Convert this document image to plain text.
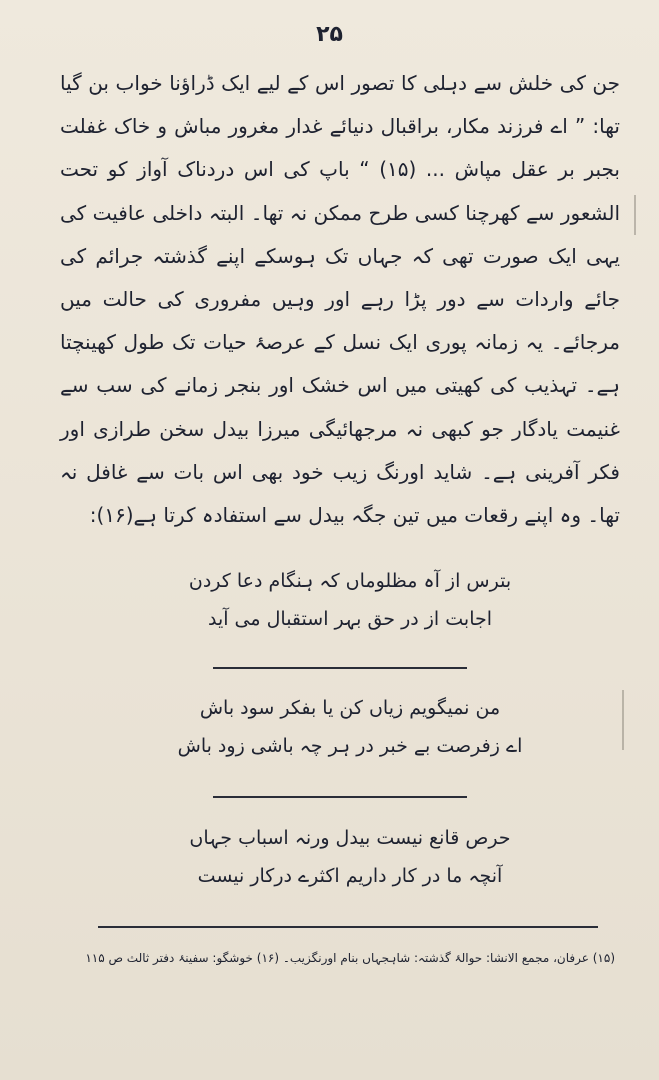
۲۵

جن کی خلش سے دہلی کا تصور اس کے لیے ایک ڈراؤنا خواب بن گیا تھا: ” اے فرزند مکار، براقبال دنیائے غدار مغرور مباش و خاک غفلت بجبر بر عقل مپاش ... (۱۵) “ باپ کی اس دردناک آواز کو تحت الشعور سے کھرچنا کسی طرح ممکن نہ تھا۔ البتہ داخلی عافیت کی یہی ایک صورت تھی کہ جہاں تک ہوسکے اپنے گذشتہ جرائم کی جائے واردات سے دور پڑا رہے اور وہیں مفروری کی حالت میں مرجائے۔ یہ زمانہ پوری ایک نسل کے عرصۂ حیات تک طول کھینچتا ہے۔ تہذیب کی کھیتی میں اس خشک اور بنجر زمانے کی سب سے غنیمت یادگار جو کبھی نہ مرجھائیگی میرزا بیدل سخن طرازی اور فکر آفرینی ہے۔ شاید اورنگ زیب خود بھی اس بات سے غافل نہ تھا۔ وہ اپنے رقعات میں تین جگہ بیدل سے استفادہ کرتا ہے(۱۶):

بترس از آہ مظلوماں کہ ہنگام دعا کردن
اجابت از در حق بہر استقبال می آید
من نمیگویم زیاں کن یا بفکر سود باش
اے زفرصت بے خبر در ہر چہ باشی زود باش
حرص قانع نیست بیدل ورنہ اسباب جہاں
آنچہ ما در کار داریم اکثرے درکار نیست
(۱۵) عرفان، مجمع الانشا: حوالۂ گذشتہ: شاہجہاں بنام اورنگزیب۔ (۱۶) خوشگو: سفینۂ دفتر ثالث ص ۱۱۵
